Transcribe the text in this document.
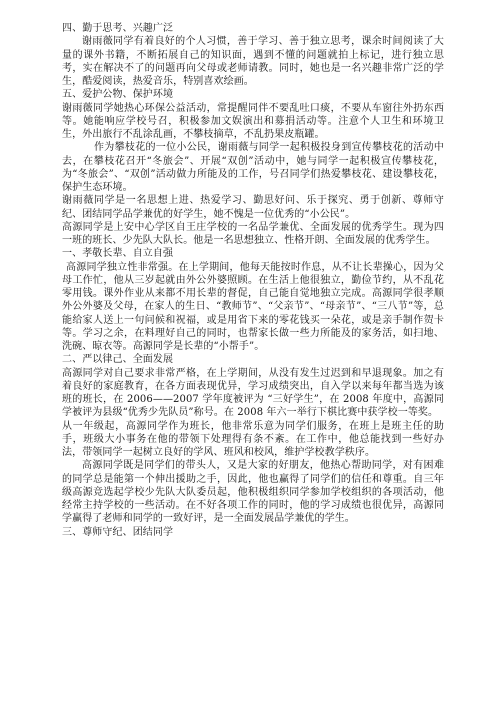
四、勤于思考、兴趣广泛

谢雨薇同学有着良好的个人习惯，善于学习、善于独立思考，课余时间阅读了大量的课外书籍，不断拓展自己的知识面，遇到不懂的问题就拍上标记，进行独立思考，实在解决不了的问题再向父母或老师请教。同时，她也是一名兴趣非常广泛的学生，酷爱阅读，热爱音乐，特别喜欢绘画。

五、爱护公物、保护环境

谢雨薇同学她热心环保公益活动，常提醒同伴不要乱吐口痰，不要从车窗往外扔东西等。她能响应学校号召，积极参加文娱演出和募捐活动等。注意个人卫生和环境卫生，外出旅行不乱涂乱画，不攀枝摘草，不乱扔果皮瓶罐。

作为攀枝花的一位小公民，谢雨薇与同学一起积极投身到宣传攀枝花的活动中去，在攀枝花召开“冬旅会”、开展“双创”活动中，她与同学一起积极宣传攀枝花，为“冬旅会”、“双创”活动做力所能及的工作，号召同学们热爱攀枝花、建设攀枝花，保护生态环境。

谢雨薇同学是一名思想上进、热爱学习、勤思好问、乐于探究、勇于创新、尊师守纪、团结同学品学兼优的好学生，她不愧是一位优秀的“小公民”。

高源同学是上安中心学区自王庄学校的一名品学兼优、全面发展的优秀学生。现为四一班的班长、少先队大队长。他是一名思想独立、性格开朗、全面发展的优秀学生。

一、孝敬长辈、自立自强

高源同学独立性非常强。在上学期间，他每天能按时作息，从不让长辈操心，因为父母工作忙，他从三岁起就由外公外婆照顾。在生活上他很独立，勤俭节约，从不乱花零用钱。课外作业从来都不用长辈的督促，自己能自觉地独立完成。高源同学很孝顺外公外婆及父母，在家人的生日、“教师节”、“父亲节”、“母亲节”、“三八节”等，总能给家人送上一句问候和祝福，或是用省下来的零花钱买一朵花，或是亲手制作贺卡等。学习之余，在料理好自己的同时，也帮家长做一些力所能及的家务活，如扫地、洗碗、晾衣等。高源同学是长辈的“小帮手”。

二、严以律己、全面发展

高源同学对自己要求非常严格，在上学期间，从没有发生过迟到和早退现象。加之有着良好的家庭教育，在各方面表现优异，学习成绩突出，自入学以来每年都当选为该班的班长，在 2006——2007 学年度被评为 “三好学生”，在 2008 年度中，高源同学被评为县级“优秀少先队员”称号。在 2008 年六一举行下棋比赛中获学校一等奖。

从一年级起，高源同学作为班长，他非常乐意为同学们服务，在班上是班主任的助手，班级大小事务在他的带领下处理得有条不紊。在工作中，他总能找到一些好办法，带领同学一起树立良好的学风、班风和校风，维护学校教学秩序。

高源同学既是同学们的带头人，又是大家的好朋友，他热心帮助同学，对有困难的同学总是能第一个伸出援助之手，因此，他也赢得了同学们的信任和尊重。自三年级高源竞选起学校少先队大队委员起，他积极组织同学参加学校组织的各项活动，他经常主持学校的一些活动。在不好各项工作的同时，他的学习成绩也很优异，高源同学赢得了老师和同学的一致好评，是一全面发展品学兼优的学生。

三、尊师守纪、团结同学
